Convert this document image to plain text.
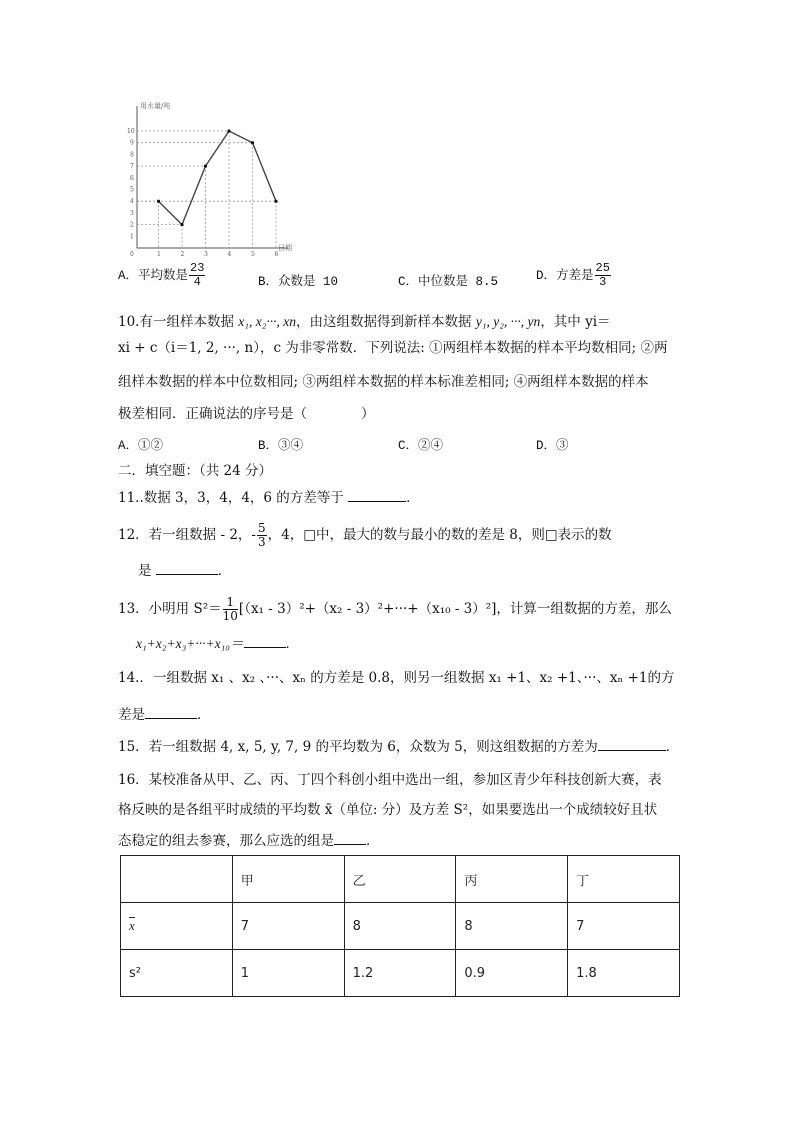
0
1
2
3
4
5
6
7
8
9
10
1	2	3	4	5	6
用水量/吨
日期
A．平均数是 $\frac{23}{4}$	B．众数是 10	C．中位数是 8.5	D．方差是 $\frac{25}{3}$
10.有一组样本数据 x₁, x₂···, xn，由这组数据得到新样本数据 y₁, y₂, ···, yn，其中 yi＝
xi + c（i＝1, 2, ···, n），c 为非零常数．下列说法: ①两组样本数据的样本平均数相同; ②两
组样本数据的样本中位数相同; ③两组样本数据的样本标准差相同; ④两组样本数据的样本
极差相同．正确说法的序号是（　　　　）
A．①②	B．③④	C．②④	D．③
二．填空题：（共 24 分）
11..数据 3，3，4，4，6 的方差等于	．
12．若一组数据 - 2，- $\frac{5}{3}$ ，4，□中，最大的数与最小的数的差是 8，则□表示的数
是	．
13．小明用 $S^2= \frac{1}{10} [(x_1 - 3)^2+(x_2 - 3)^2+\cdot\cdot\cdot+(x_{10} - 3)^2]$，计算一组数据的方差，那么
x₁+x₂+x₃+···+x₁₀＝	．
14.．一组数据 x₁ 、x₂ 、···、xₙ 的方差是 0.8，则另一组数据 x₁ +1、x₂ +1、···、xₙ +1的方
差是	．
15．若一组数据 4, x, 5, y, 7, 9 的平均数为 6，众数为 5，则这组数据的方差为	．
16．某校准备从甲、乙、丙、丁四个科创小组中选出一组，参加区青少年科技创新大赛，表
格反映的是各组平时成绩的平均数 x̄（单位: 分）及方差 S²，如果要选出一个成绩较好且状
态稳定的组去参赛，那么应选的组是 ．
	甲	乙	丙	丁
$\overline{x}$	7	8	8	7
s²	1	1.2	0.9	1.8
